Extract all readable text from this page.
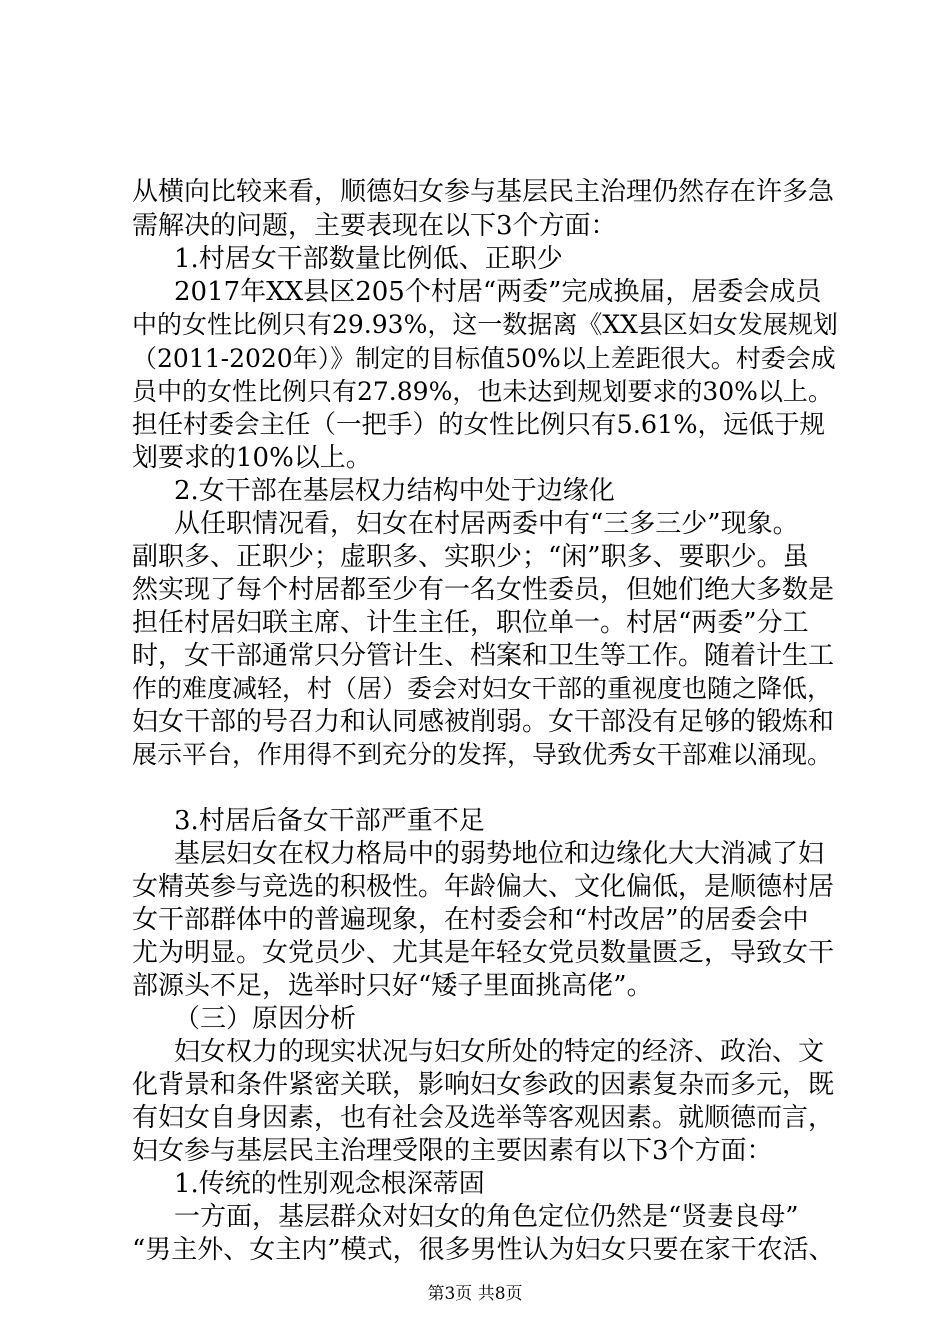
从横向比较来看，顺德妇女参与基层民主治理仍然存在许多急
需解决的问题，主要表现在以下3个方面：
1.村居女干部数量比例低、正职少
2017年XX县区205个村居“两委”完成换届，居委会成员
中的女性比例只有29.93%，这一数据离《XX县区妇女发展规划
（2011-2020年）》制定的目标值50%以上差距很大。村委会成
员中的女性比例只有27.89%，也未达到规划要求的30%以上。
担任村委会主任（一把手）的女性比例只有5.61%，远低于规
划要求的10%以上。
2.女干部在基层权力结构中处于边缘化
从任职情况看，妇女在村居两委中有“三多三少”现象。
副职多、正职少；虚职多、实职少；“闲”职多、要职少。虽
然实现了每个村居都至少有一名女性委员，但她们绝大多数是
担任村居妇联主席、计生主任，职位单一。村居“两委”分工
时，女干部通常只分管计生、档案和卫生等工作。随着计生工
作的难度减轻，村（居）委会对妇女干部的重视度也随之降低，
妇女干部的号召力和认同感被削弱。女干部没有足够的锻炼和
展示平台，作用得不到充分的发挥，导致优秀女干部难以涌现。
3.村居后备女干部严重不足
基层妇女在权力格局中的弱势地位和边缘化大大消减了妇
女精英参与竞选的积极性。年龄偏大、文化偏低，是顺德村居
女干部群体中的普遍现象，在村委会和“村改居”的居委会中
尤为明显。女党员少、尤其是年轻女党员数量匮乏，导致女干
部源头不足，选举时只好“矮子里面挑高佬”。
（三）原因分析
妇女权力的现实状况与妇女所处的特定的经济、政治、文
化背景和条件紧密关联，影响妇女参政的因素复杂而多元，既
有妇女自身因素，也有社会及选举等客观因素。就顺德而言，
妇女参与基层民主治理受限的主要因素有以下3个方面：
1.传统的性别观念根深蒂固
一方面，基层群众对妇女的角色定位仍然是“贤妻良母”
“男主外、女主内”模式，很多男性认为妇女只要在家干农活、
第3页 共8页
